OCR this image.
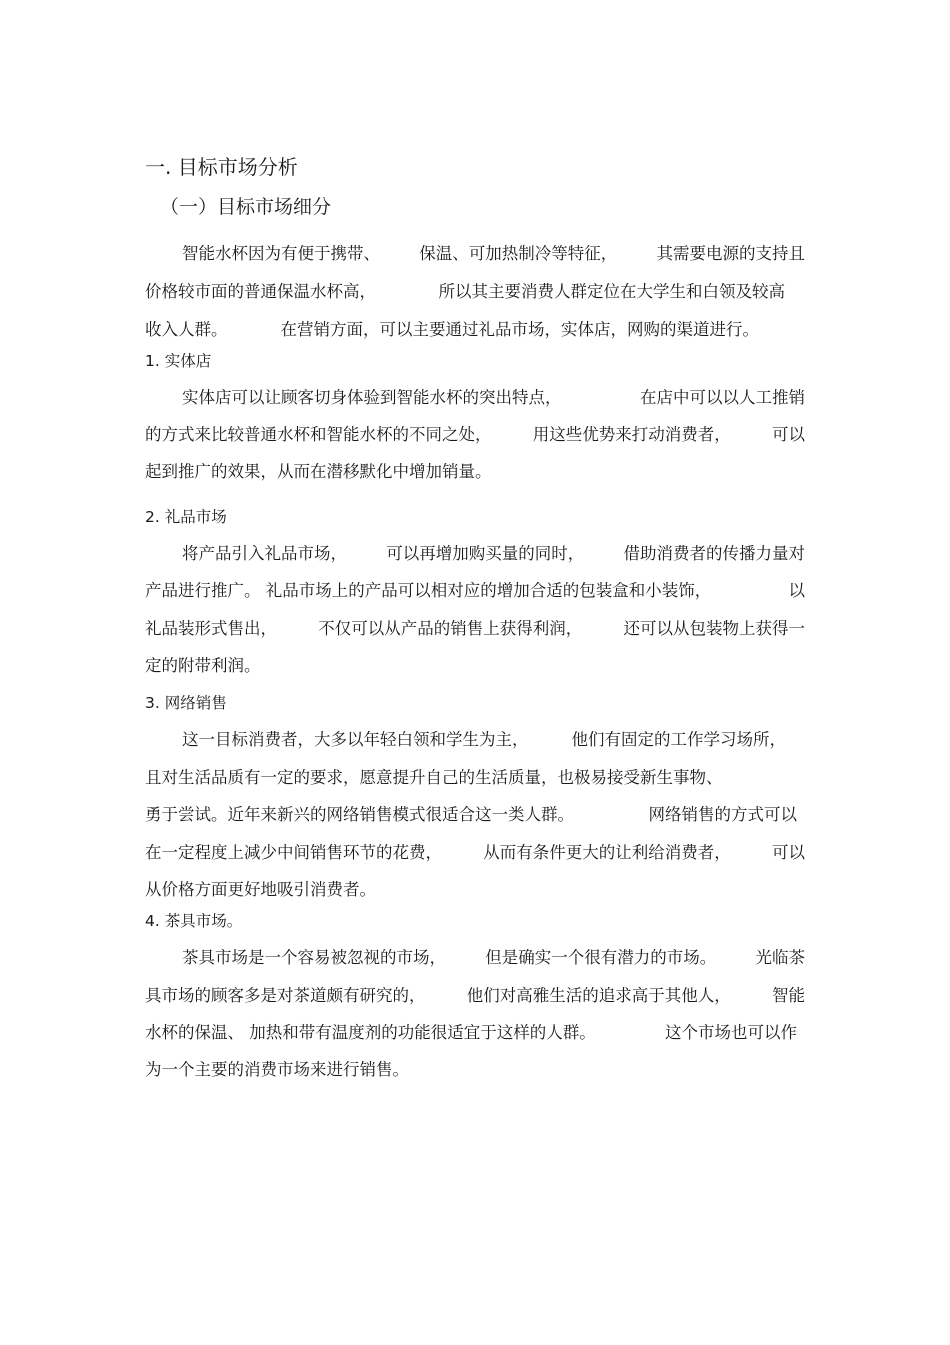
一. 目标市场分析
（一）目标市场细分
智能水杯因为有便于携带、 保温、可加热制冷等特征， 其需要电源的支持且
价格较市面的普通保温水杯高，	所以其主要消费人群定位在大学生和白领及较高
收入人群。	在营销方面，可以主要通过礼品市场，实体店，网购的渠道进行。
1. 实体店
实体店可以让顾客切身体验到智能水杯的突出特点，	在店中可以以人工推销
的方式来比较普通水杯和智能水杯的不同之处，	用这些优势来打动消费者，	可以
起到推广的效果，从而在潜移默化中增加销量。
2. 礼品市场
将产品引入礼品市场， 可以再增加购买量的同时， 借助消费者的传播力量对
产品进行推广。 礼品市场上的产品可以相对应的增加合适的包装盒和小装饰，	以
礼品装形式售出，	不仅可以从产品的销售上获得利润，	还可以从包装物上获得一
定的附带利润。
3. 网络销售
这一目标消费者，大多以年轻白领和学生为主，	他们有固定的工作学习场所，
且对生活品质有一定的要求，愿意提升自己的生活质量，也极易接受新生事物、
勇于尝试。近年来新兴的网络销售模式很适合这一类人群。	网络销售的方式可以
在一定程度上减少中间销售环节的花费，	从而有条件更大的让利给消费者，	可以
从价格方面更好地吸引消费者。
4. 茶具市场。
茶具市场是一个容易被忽视的市场， 但是确实一个很有潜力的市场。 光临茶
具市场的顾客多是对茶道颇有研究的，	他们对高雅生活的追求高于其他人，	智能
水杯的保温、 加热和带有温度剂的功能很适宜于这样的人群。	这个市场也可以作
为一个主要的消费市场来进行销售。
